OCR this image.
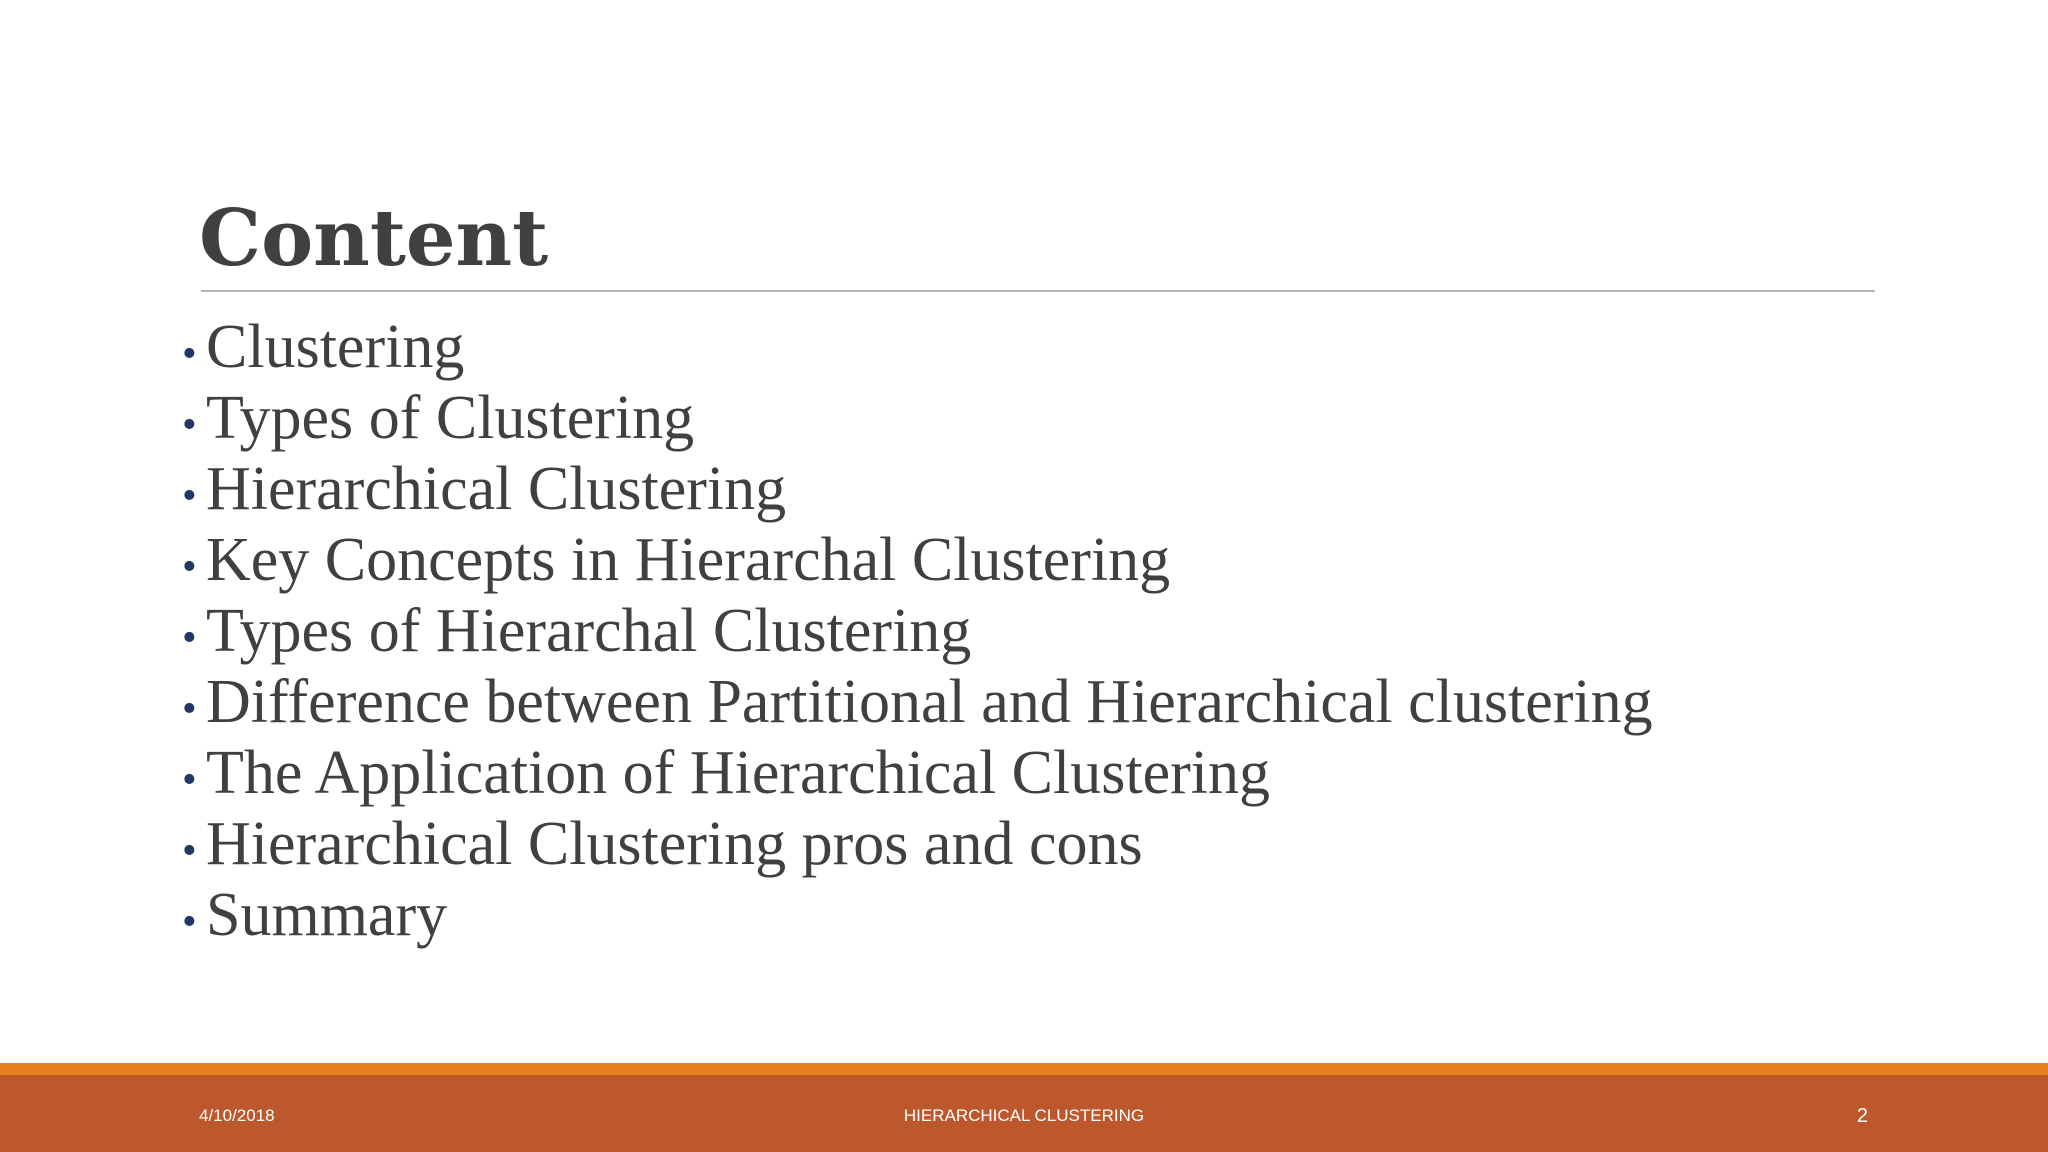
Content
• Clustering
• Types of Clustering
• Hierarchical Clustering
• Key Concepts in Hierarchal Clustering
• Types of Hierarchal Clustering
• Difference between Partitional and Hierarchical clustering
• The Application of Hierarchical Clustering
• Hierarchical Clustering pros and cons
• Summary
4/10/2018	HIERARCHICAL CLUSTERING	2
